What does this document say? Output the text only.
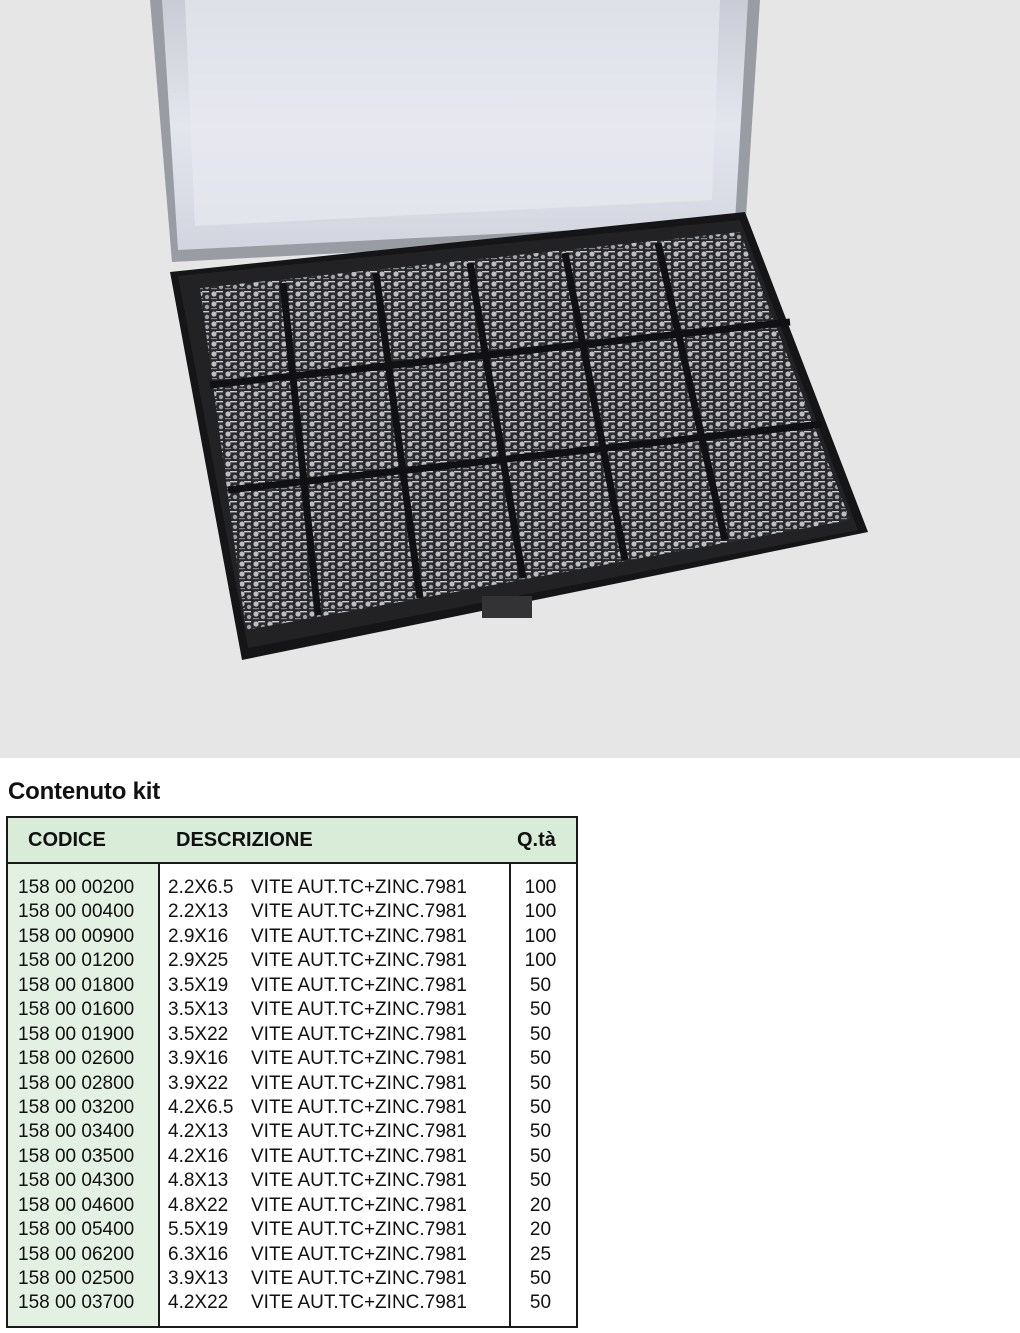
Contenuto kit
CODICE	DESCRIZIONE	Q.tà
158 00 00200 2.2X6.5 VITE AUT.TC+ZINC.7981	100
158 00 00400 2.2X13 VITE AUT.TC+ZINC.7981	100
158 00 00900 2.9X16 VITE AUT.TC+ZINC.7981	100
158 00 01200 2.9X25 VITE AUT.TC+ZINC.7981	100
158 00 01800 3.5X19 VITE AUT.TC+ZINC.7981	50
158 00 01600 3.5X13 VITE AUT.TC+ZINC.7981	50
158 00 01900 3.5X22 VITE AUT.TC+ZINC.7981	50
158 00 02600 3.9X16 VITE AUT.TC+ZINC.7981	50
158 00 02800 3.9X22 VITE AUT.TC+ZINC.7981	50
158 00 03200 4.2X6.5 VITE AUT.TC+ZINC.7981	50
158 00 03400 4.2X13 VITE AUT.TC+ZINC.7981	50
158 00 03500 4.2X16 VITE AUT.TC+ZINC.7981	50
158 00 04300 4.8X13 VITE AUT.TC+ZINC.7981	50
158 00 04600 4.8X22 VITE AUT.TC+ZINC.7981	20
158 00 05400 5.5X19 VITE AUT.TC+ZINC.7981	20
158 00 06200 6.3X16 VITE AUT.TC+ZINC.7981	25
158 00 02500 3.9X13 VITE AUT.TC+ZINC.7981	50
158 00 03700 4.2X22 VITE AUT.TC+ZINC.7981	50
